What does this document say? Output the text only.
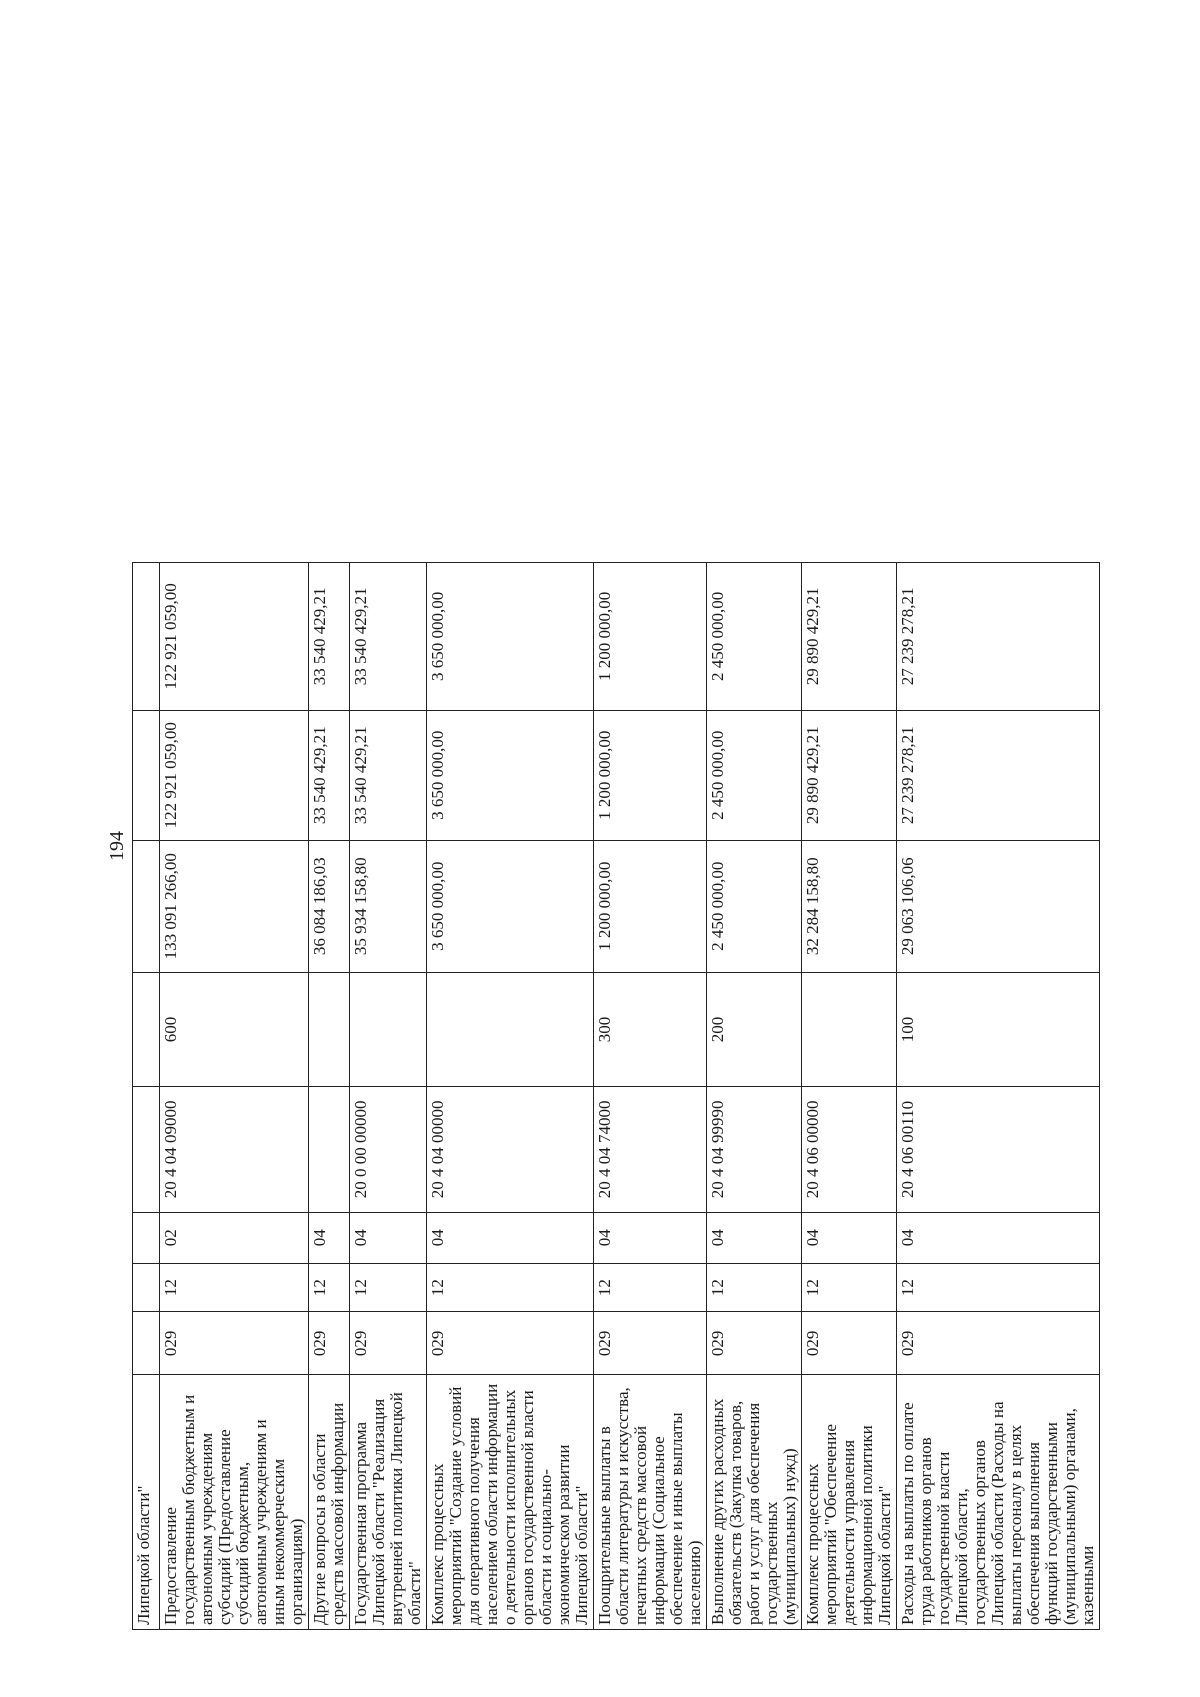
194
Липецкой области"								
Предоставление государственным бюджетным и автономным учреждениям субсидий (Предоставление субсидий бюджетным, автономным учреждениям и иным некоммерческим организациям)	029	12	02	20 4 04 09000	600	133 091 266,00	122 921 059,00	122 921 059,00
Другие вопросы в области средств массовой информации	029	12	04			36 084 186,03	33 540 429,21	33 540 429,21
Государственная программа Липецкой области "Реализация внутренней политики Липецкой области"	029	12	04	20 0 00 00000		35 934 158,80	33 540 429,21	33 540 429,21
Комплекс процессных мероприятий "Создание условий для оперативного получения населением области информации о деятельности исполнительных органов государственной власти области и социально-экономическом развитии Липецкой области"	029	12	04	20 4 04 00000		3 650 000,00	3 650 000,00	3 650 000,00
Поощрительные выплаты в области литературы и искусства, печатных средств массовой информации (Социальное обеспечение и иные выплаты населению)	029	12	04	20 4 04 74000	300	1 200 000,00	1 200 000,00	1 200 000,00
Выполнение других расходных обязательств (Закупка товаров, работ и услуг для обеспечения государственных (муниципальных) нужд)	029	12	04	20 4 04 99990	200	2 450 000,00	2 450 000,00	2 450 000,00
Комплекс процессных мероприятий "Обеспечение деятельности управления информационной политики Липецкой области"	029	12	04	20 4 06 00000		32 284 158,80	29 890 429,21	29 890 429,21
Расходы на выплаты по оплате труда работников органов государственной власти Липецкой области, государственных органов Липецкой области (Расходы на выплаты персоналу в целях обеспечения выполнения функций государственными (муниципальными) органами, казенными	029	12	04	20 4 06 00110	100	29 063 106,06	27 239 278,21	27 239 278,21
